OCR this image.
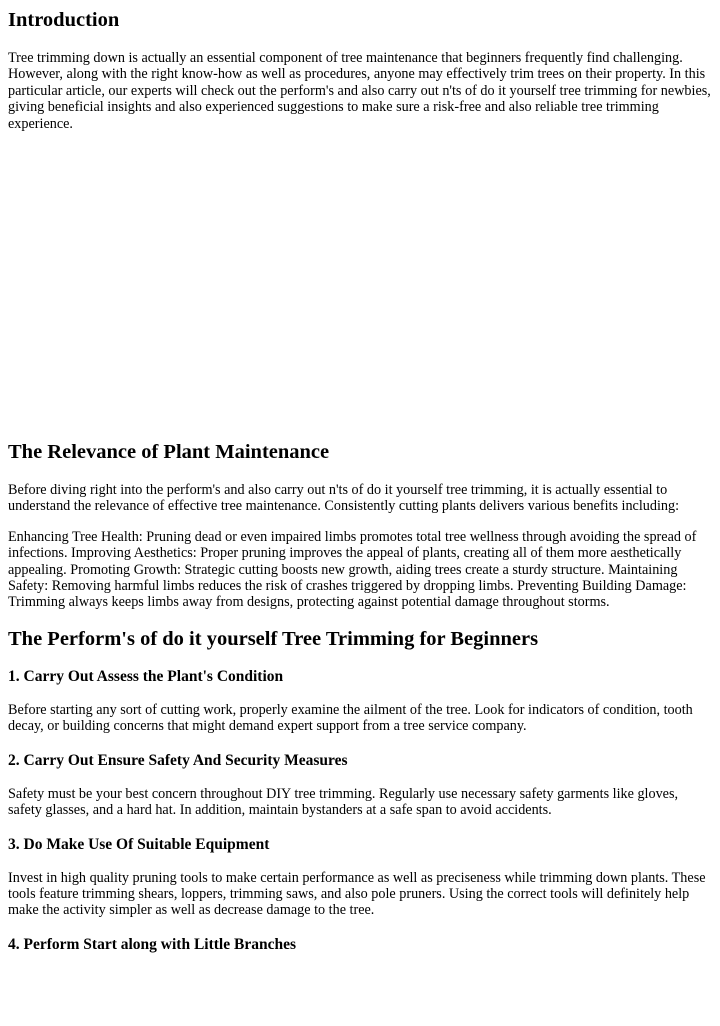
Introduction

Tree trimming down is actually an essential component of tree maintenance that beginners frequently find challenging. However, along with the right know-how as well as procedures, anyone may effectively trim trees on their property. In this particular article, our experts will check out the perform's and also carry out n'ts of do it yourself tree trimming for newbies, giving beneficial insights and also experienced suggestions to make sure a risk-free and also reliable tree trimming experience.

The Relevance of Plant Maintenance

Before diving right into the perform's and also carry out n'ts of do it yourself tree trimming, it is actually essential to understand the relevance of effective tree maintenance. Consistently cutting plants delivers various benefits including:

Enhancing Tree Health: Pruning dead or even impaired limbs promotes total tree wellness through avoiding the spread of infections. Improving Aesthetics: Proper pruning improves the appeal of plants, creating all of them more aesthetically appealing. Promoting Growth: Strategic cutting boosts new growth, aiding trees create a sturdy structure. Maintaining Safety: Removing harmful limbs reduces the risk of crashes triggered by dropping limbs. Preventing Building Damage: Trimming always keeps limbs away from designs, protecting against potential damage throughout storms.

The Perform's of do it yourself Tree Trimming for Beginners
1. Carry Out Assess the Plant's Condition

Before starting any sort of cutting work, properly examine the ailment of the tree. Look for indicators of condition, tooth decay, or building concerns that might demand expert support from a tree service company.

2. Carry Out Ensure Safety And Security Measures

Safety must be your best concern throughout DIY tree trimming. Regularly use necessary safety garments like gloves, safety glasses, and a hard hat. In addition, maintain bystanders at a safe span to avoid accidents.

3. Do Make Use Of Suitable Equipment

Invest in high quality pruning tools to make certain performance as well as preciseness while trimming down plants. These tools feature trimming shears, loppers, trimming saws, and also pole pruners. Using the correct tools will definitely help make the activity simpler as well as decrease damage to the tree.

4. Perform Start along with Little Branches
